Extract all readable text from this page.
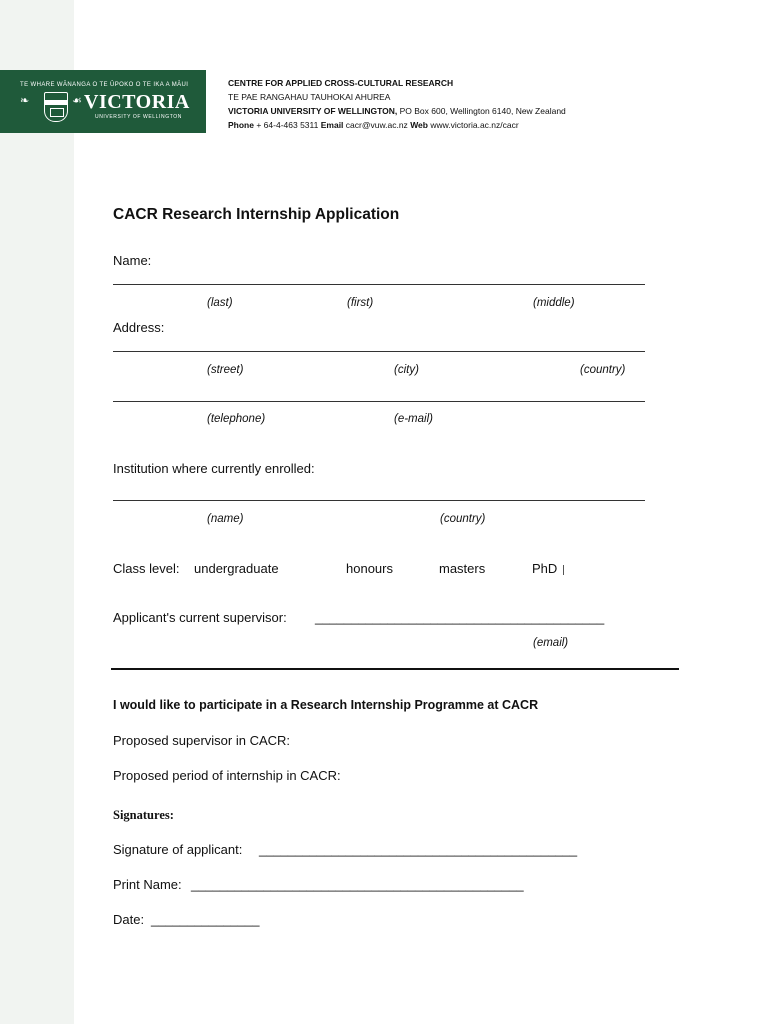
TE WHARE WĀNANGA O TE ŪPOKO O TE IKA A MĀUI
❧	☙ VICTORIA
UNIVERSITY OF WELLINGTON
CENTRE FOR APPLIED CROSS-CULTURAL RESEARCH
TE PAE RANGAHAU TAUHOKAI AHUREA
VICTORIA UNIVERSITY OF WELLINGTON, PO Box 600, Wellington 6140, New Zealand
Phone + 64-4-463 5311 Email cacr@vuw.ac.nz Web www.victoria.ac.nz/cacr
CACR Research Internship Application
Name:
(last)	(first)	(middle)
Address:
(street)	(city)	(country)
(telephone)	(e-mail)
Institution where currently enrolled:
(name)	(country)
Class level: undergraduate	honours	masters	PhD
Applicant's current supervisor: ________________________________________
(email)
I would like to participate in a Research Internship Programme at CACR
Proposed supervisor in CACR:
Proposed period of internship in CACR:
Signatures:
Signature of applicant: ____________________________________________
Print Name: ______________________________________________
Date: _______________
